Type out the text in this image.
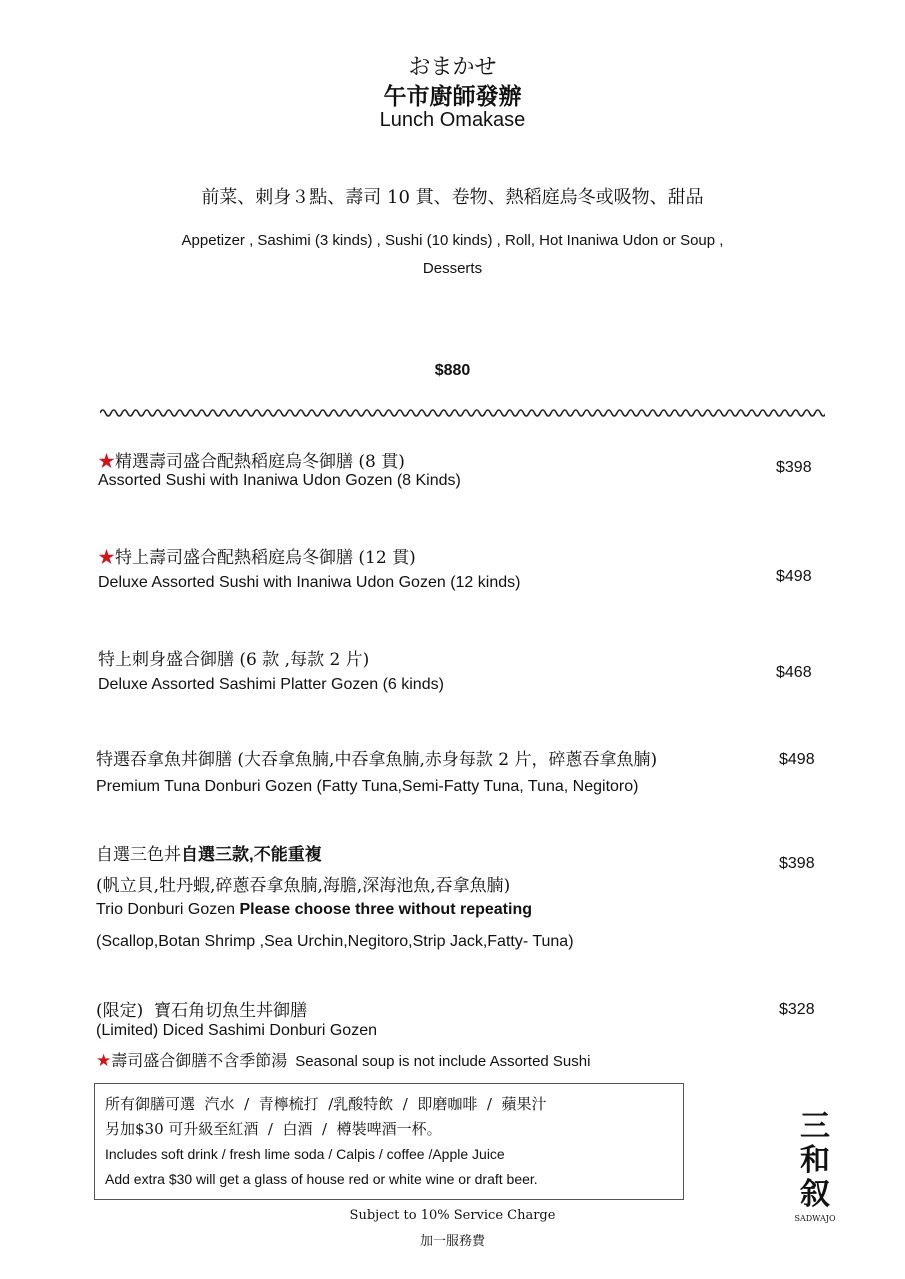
おまかせ
午市廚師發辦
Lunch Omakase
前菜、刺身３點、壽司 10 貫、卷物、熱稻庭烏冬或吸物、甜品
Appetizer , Sashimi (3 kinds) , Sushi (10 kinds) , Roll, Hot Inaniwa Udon or Soup , Desserts
$880
★精選壽司盛合配熱稻庭烏冬御膳 (8 貫)
Assorted Sushi with Inaniwa Udon Gozen (8 Kinds)
$398
★特上壽司盛合配熱稻庭烏冬御膳 (12 貫)
Deluxe Assorted Sushi with Inaniwa Udon Gozen (12 kinds)	$498
特上刺身盛合御膳 (6 款 ,每款 2 片)
Deluxe Assorted Sashimi Platter Gozen (6 kinds)
$468
特選吞拿魚丼御膳 (大吞拿魚腩,中吞拿魚腩,赤身每款 2 片，碎蔥吞拿魚腩)
Premium Tuna Donburi Gozen (Fatty Tuna,Semi-Fatty Tuna, Tuna, Negitoro)
$498
自選三色丼自選三款,不能重複
(帆立貝,牡丹蝦,碎蔥吞拿魚腩,海膽,深海池魚,吞拿魚腩)
Trio Donburi Gozen Please choose three without repeating
(Scallop,Botan Shrimp ,Sea Urchin,Negitoro,Strip Jack,Fatty- Tuna)
$398
(限定)  寶石角切魚生丼御膳
(Limited) Diced Sashimi Donburi Gozen
$328
★壽司盛合御膳不含季節湯 Seasonal soup is not include Assorted Sushi
所有御膳可選  汽水  /  青檸梳打  /乳酸特飲  /  即磨咖啡  /  蘋果汁
另加$30 可升級至紅酒  /  白酒  /  樽裝啤酒一杯。
Includes soft drink / fresh lime soda / Calpis / coffee /Apple Juice
Add extra $30 will get a glass of house red or white wine or draft beer.
Subject to 10% Service Charge
加一服務費
三
和
叙
SADWAJO
